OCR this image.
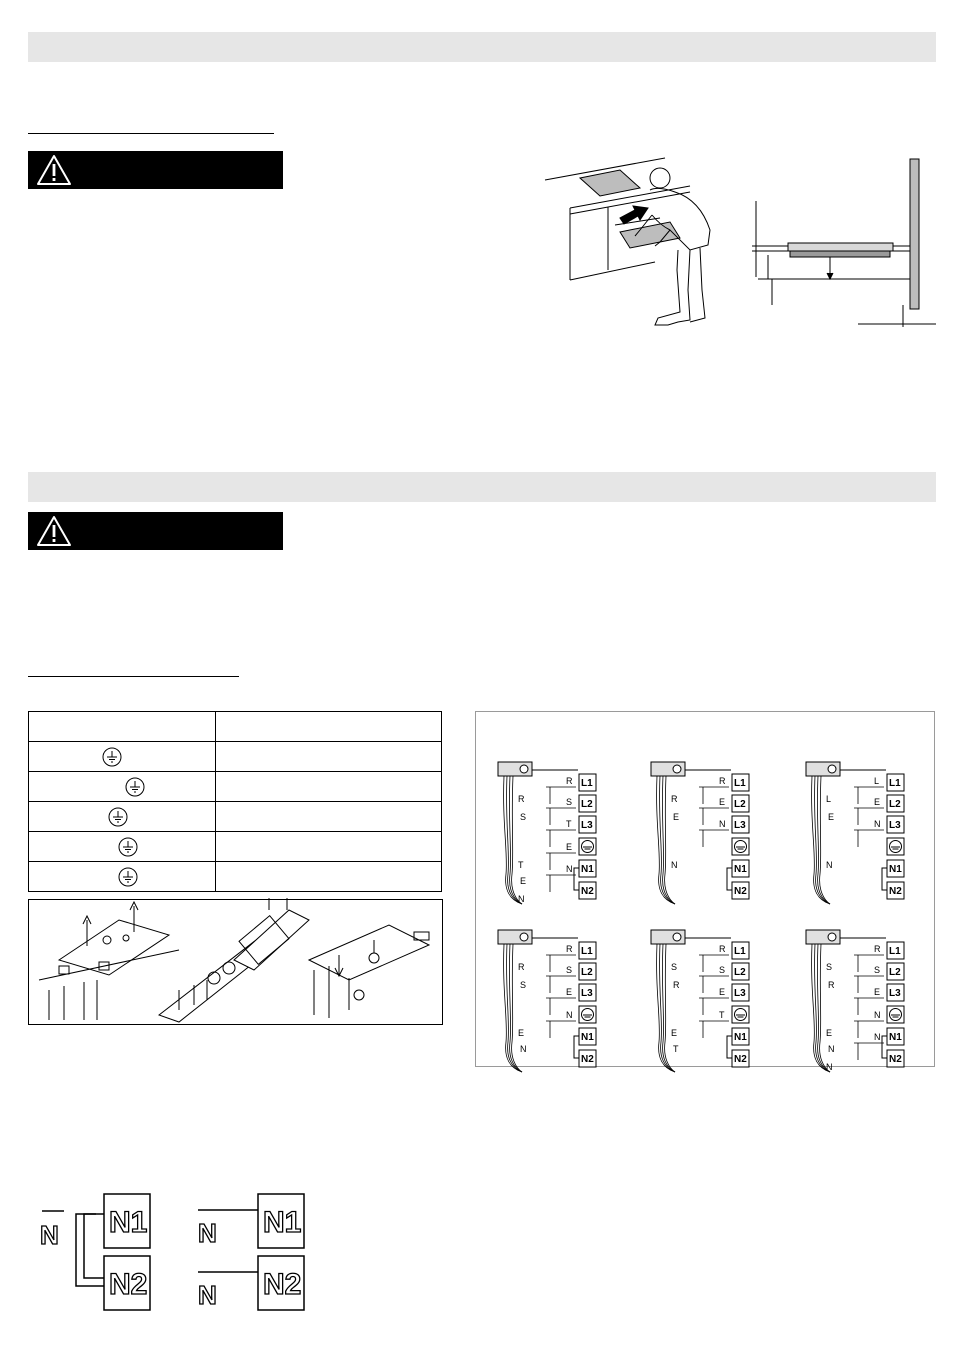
L1
L2
L3
N1
N2
R
S
T
E
N
R
S
T
E
N
L1
L2
L3
N1
N2
R
E
N
R
E
N
L1
L2
L3
N1
N2
L
E
N
L
E
N
L1
L2
L3
N1
N2
R
S
E
N
R
S
E
N
L1
L2
L3
N1
N2
S
R
E
T
R
S
E
T
L1
L2
L3
N1
N2
S
R
E
N
N
R
S
E
N
N
N N1
N2
N
N
N1
N2
